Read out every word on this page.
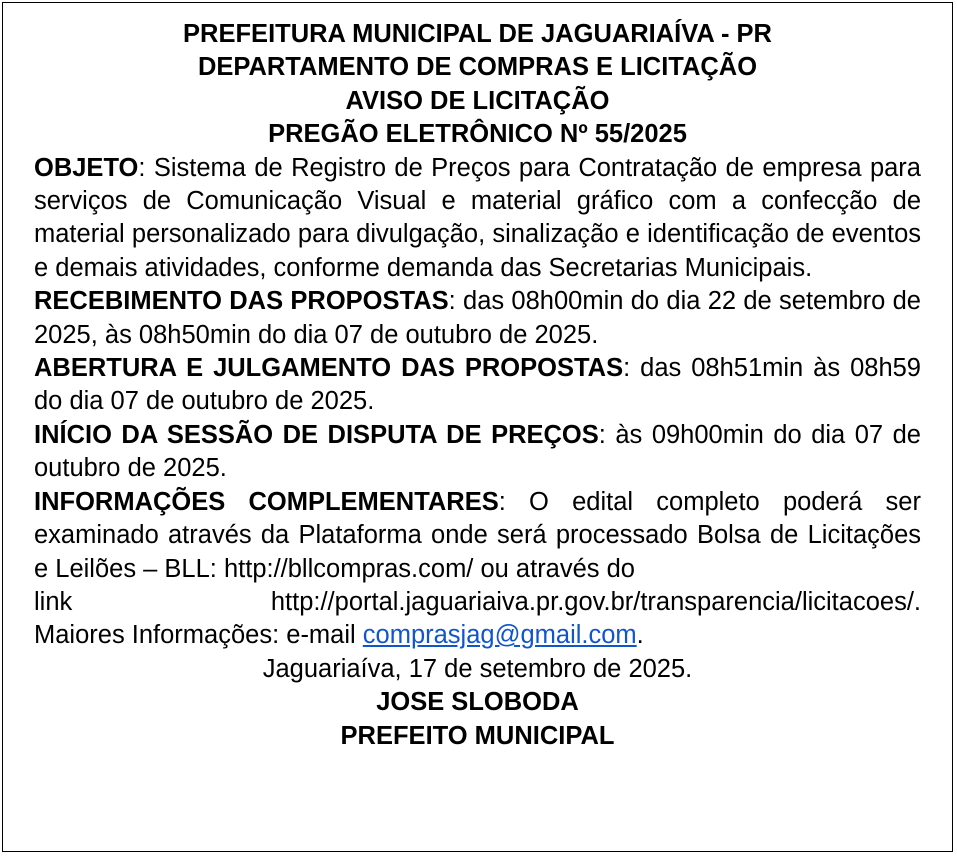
PREFEITURA MUNICIPAL DE JAGUARIAÍVA - PR

DEPARTAMENTO DE COMPRAS E LICITAÇÃO

AVISO DE LICITAÇÃO

PREGÃO ELETRÔNICO Nº 55/2025

OBJETO: Sistema de Registro de Preços para Contratação de empresa para serviços de Comunicação Visual e material gráfico com a confecção de material personalizado para divulgação, sinalização e identificação de eventos e demais atividades, conforme demanda das Secretarias Municipais.

RECEBIMENTO DAS PROPOSTAS: das 08h00min do dia 22 de setembro de 2025, às 08h50min do dia 07 de outubro de 2025.

ABERTURA E JULGAMENTO DAS PROPOSTAS: das 08h51min às 08h59 do dia 07 de outubro de 2025.

INÍCIO DA SESSÃO DE DISPUTA DE PREÇOS: às 09h00min do dia 07 de outubro de 2025.

INFORMAÇÕES COMPLEMENTARES: O edital completo poderá ser examinado através da Plataforma onde será processado Bolsa de Licitações e Leilões – BLL: http://bllcompras.com/ ou através do

link	http://portal.jaguariaiva.pr.gov.br/transparencia/licitacoes/.

Maiores Informações: e-mail comprasjag@gmail.com.

Jaguariaíva, 17 de setembro de 2025.

JOSE SLOBODA

PREFEITO MUNICIPAL
